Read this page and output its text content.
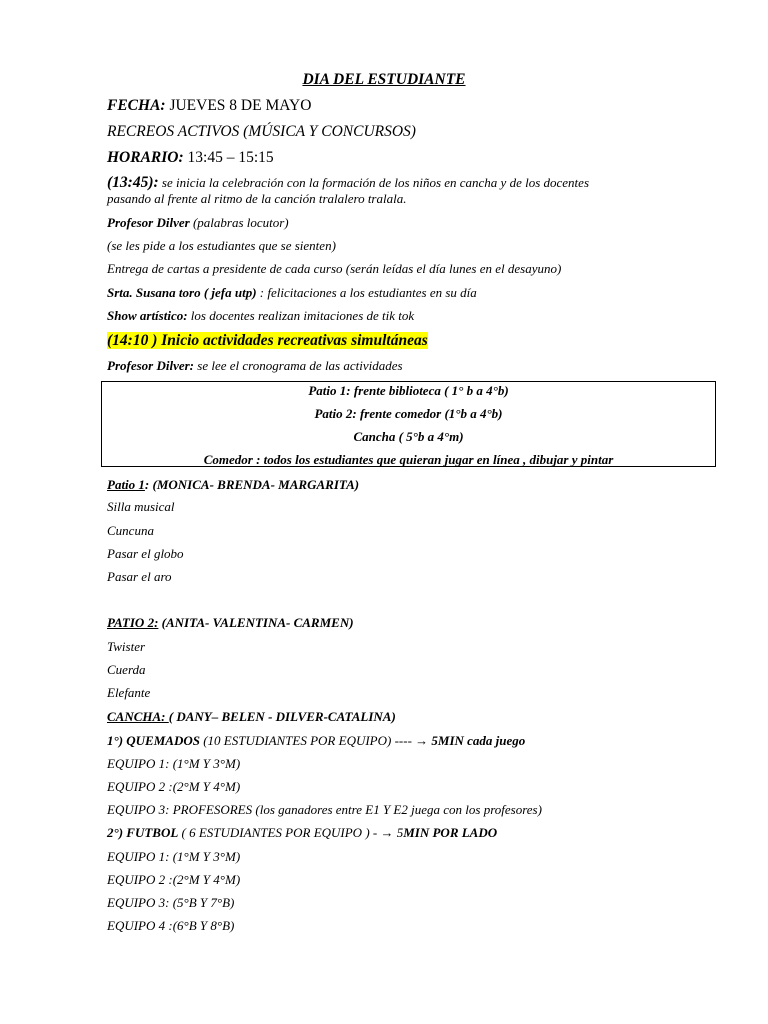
DIA DEL ESTUDIANTE
FECHA: JUEVES 8 DE MAYO
RECREOS ACTIVOS (MÚSICA Y CONCURSOS)
HORARIO: 13:45 – 15:15
(13:45): se inicia la celebración con la formación de los niños en cancha y de los docentes
pasando al frente al ritmo de la canción tralalero tralala.
Profesor Dilver (palabras locutor)
(se les pide a los estudiantes que se sienten)
Entrega de cartas a presidente de cada curso (serán leídas el día lunes en el desayuno)
Srta. Susana toro ( jefa utp) : felicitaciones a los estudiantes en su día
Show artístico: los docentes realizan imitaciones de tik tok
(14:10 ) Inicio actividades recreativas simultáneas
Profesor Dilver: se lee el cronograma de las actividades
Patio 1: frente biblioteca ( 1° b a 4°b)
Patio 2: frente comedor (1°b a 4°b)
Cancha ( 5°b a 4°m)
Comedor : todos los estudiantes que quieran jugar en línea , dibujar y pintar
Patio 1: (MONICA- BRENDA- MARGARITA)
Silla musical
Cuncuna
Pasar el globo
Pasar el aro
PATIO 2: (ANITA- VALENTINA- CARMEN)
Twister
Cuerda
Elefante
CANCHA: ( DANY– BELEN - DILVER-CATALINA)
1°) QUEMADOS (10 ESTUDIANTES POR EQUIPO) ---- → 5MIN cada juego
EQUIPO 1: (1°M Y 3°M)
EQUIPO 2 :(2°M Y 4°M)
EQUIPO 3: PROFESORES (los ganadores entre E1 Y E2 juega con los profesores)
2°) FUTBOL ( 6 ESTUDIANTES POR EQUIPO ) - → 5MIN POR LADO
EQUIPO 1: (1°M Y 3°M)
EQUIPO 2 :(2°M Y 4°M)
EQUIPO 3: (5°B Y 7°B)
EQUIPO 4 :(6°B Y 8°B)
